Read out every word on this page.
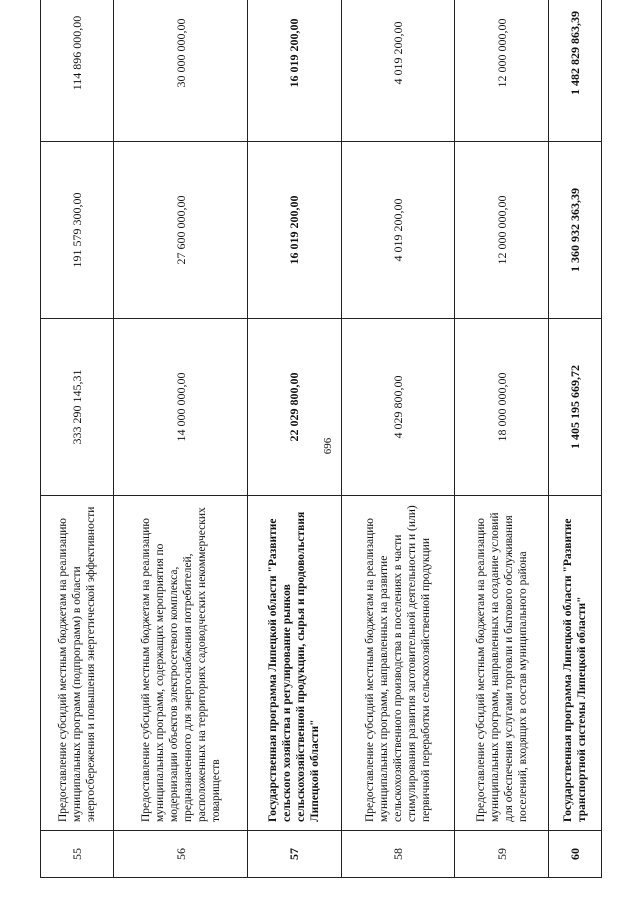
696
55	Предоставление субсидий местным бюджетам на реализацию муниципальных программ (подпрограмм) в области энергосбережения и повышения энергетической эффективности	333 290 145,31	191 579 300,00	114 896 000,00
56	Предоставление субсидий местным бюджетам на реализацию муниципальных программ, содержащих мероприятия по модернизации объектов электросетевого комплекса, предназначенного для энергоснабжения потребителей, расположенных на территориях садоводческих некоммерческих товариществ	14 000 000,00	27 600 000,00	30 000 000,00
57	Государственная программа Липецкой области "Развитие сельского хозяйства и регулирование рынков сельскохозяйственной продукции, сырья и продовольствия Липецкой области"	22 029 800,00	16 019 200,00	16 019 200,00
58	Предоставление субсидий местным бюджетам на реализацию муниципальных программ, направленных на развитие сельскохозяйственного производства в поселениях в части стимулирования развития заготовительной деятельности и (или) первичной переработки сельскохозяйственной продукции	4 029 800,00	4 019 200,00	4 019 200,00
59	Предоставление субсидий местным бюджетам на реализацию муниципальных программ, направленных на создание условий для обеспечения услугами торговли и бытового обслуживания поселений, входящих в состав муниципального района	18 000 000,00	12 000 000,00	12 000 000,00
60	Государственная программа Липецкой области "Развитие транспортной системы Липецкой области"	1 405 195 669,72	1 360 932 363,39	1 482 829 863,39
